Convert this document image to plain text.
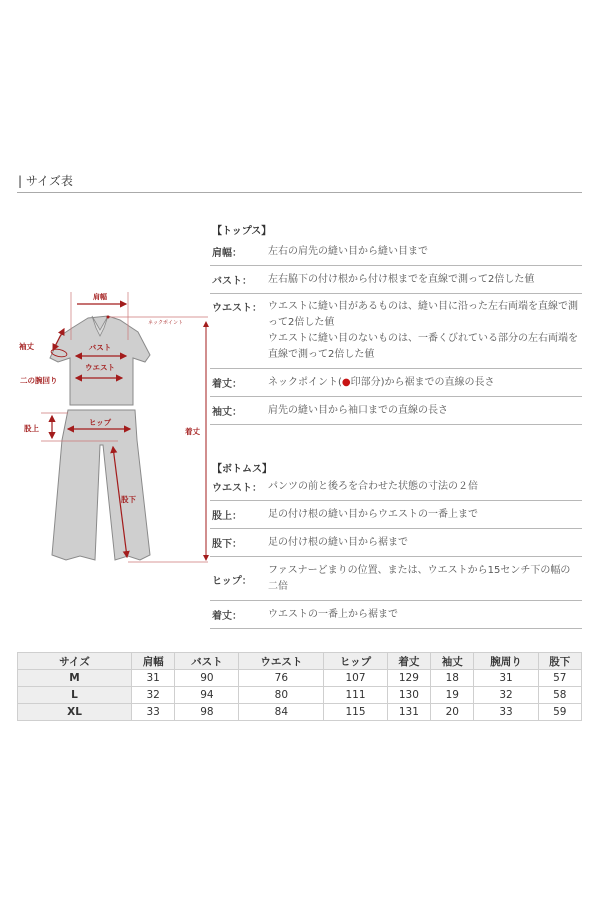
| サイズ表
肩幅
ネックポイント
着丈
袖丈	バスト
ウエスト
二の腕回り
股上
ヒップ
股下
【トップス】
肩幅：	左右の肩先の縫い目から縫い目まで
バスト： 左右脇下の付け根から付け根までを直線で測って2倍した値
ウエスト： ウエストに縫い目があるものは、縫い目に沿った左右両端を直線で測って2倍した値
ウエストに縫い目のないものは、一番くびれている部分の左右両端を直線で測って2倍した値
着丈：	ネックポイント(●印部分)から裾までの直線の長さ
袖丈：	肩先の縫い目から袖口までの直線の長さ
【ボトムス】
ウエスト： パンツの前と後ろを合わせた状態の寸法の２倍
股上：	足の付け根の縫い目からウエストの一番上まで
股下：	足の付け根の縫い目から裾まで
ヒップ：
ファスナーどまりの位置、または、ウエストから15センチ下の幅の二倍
着丈：	ウエストの一番上から裾まで
サイズ	肩幅	バスト	ウエスト	ヒップ	着丈	袖丈	腕周り	股下
M	31	90	76	107	129	18	31	57
L	32	94	80	111	130	19	32	58
XL	33	98	84	115	131	20	33	59
